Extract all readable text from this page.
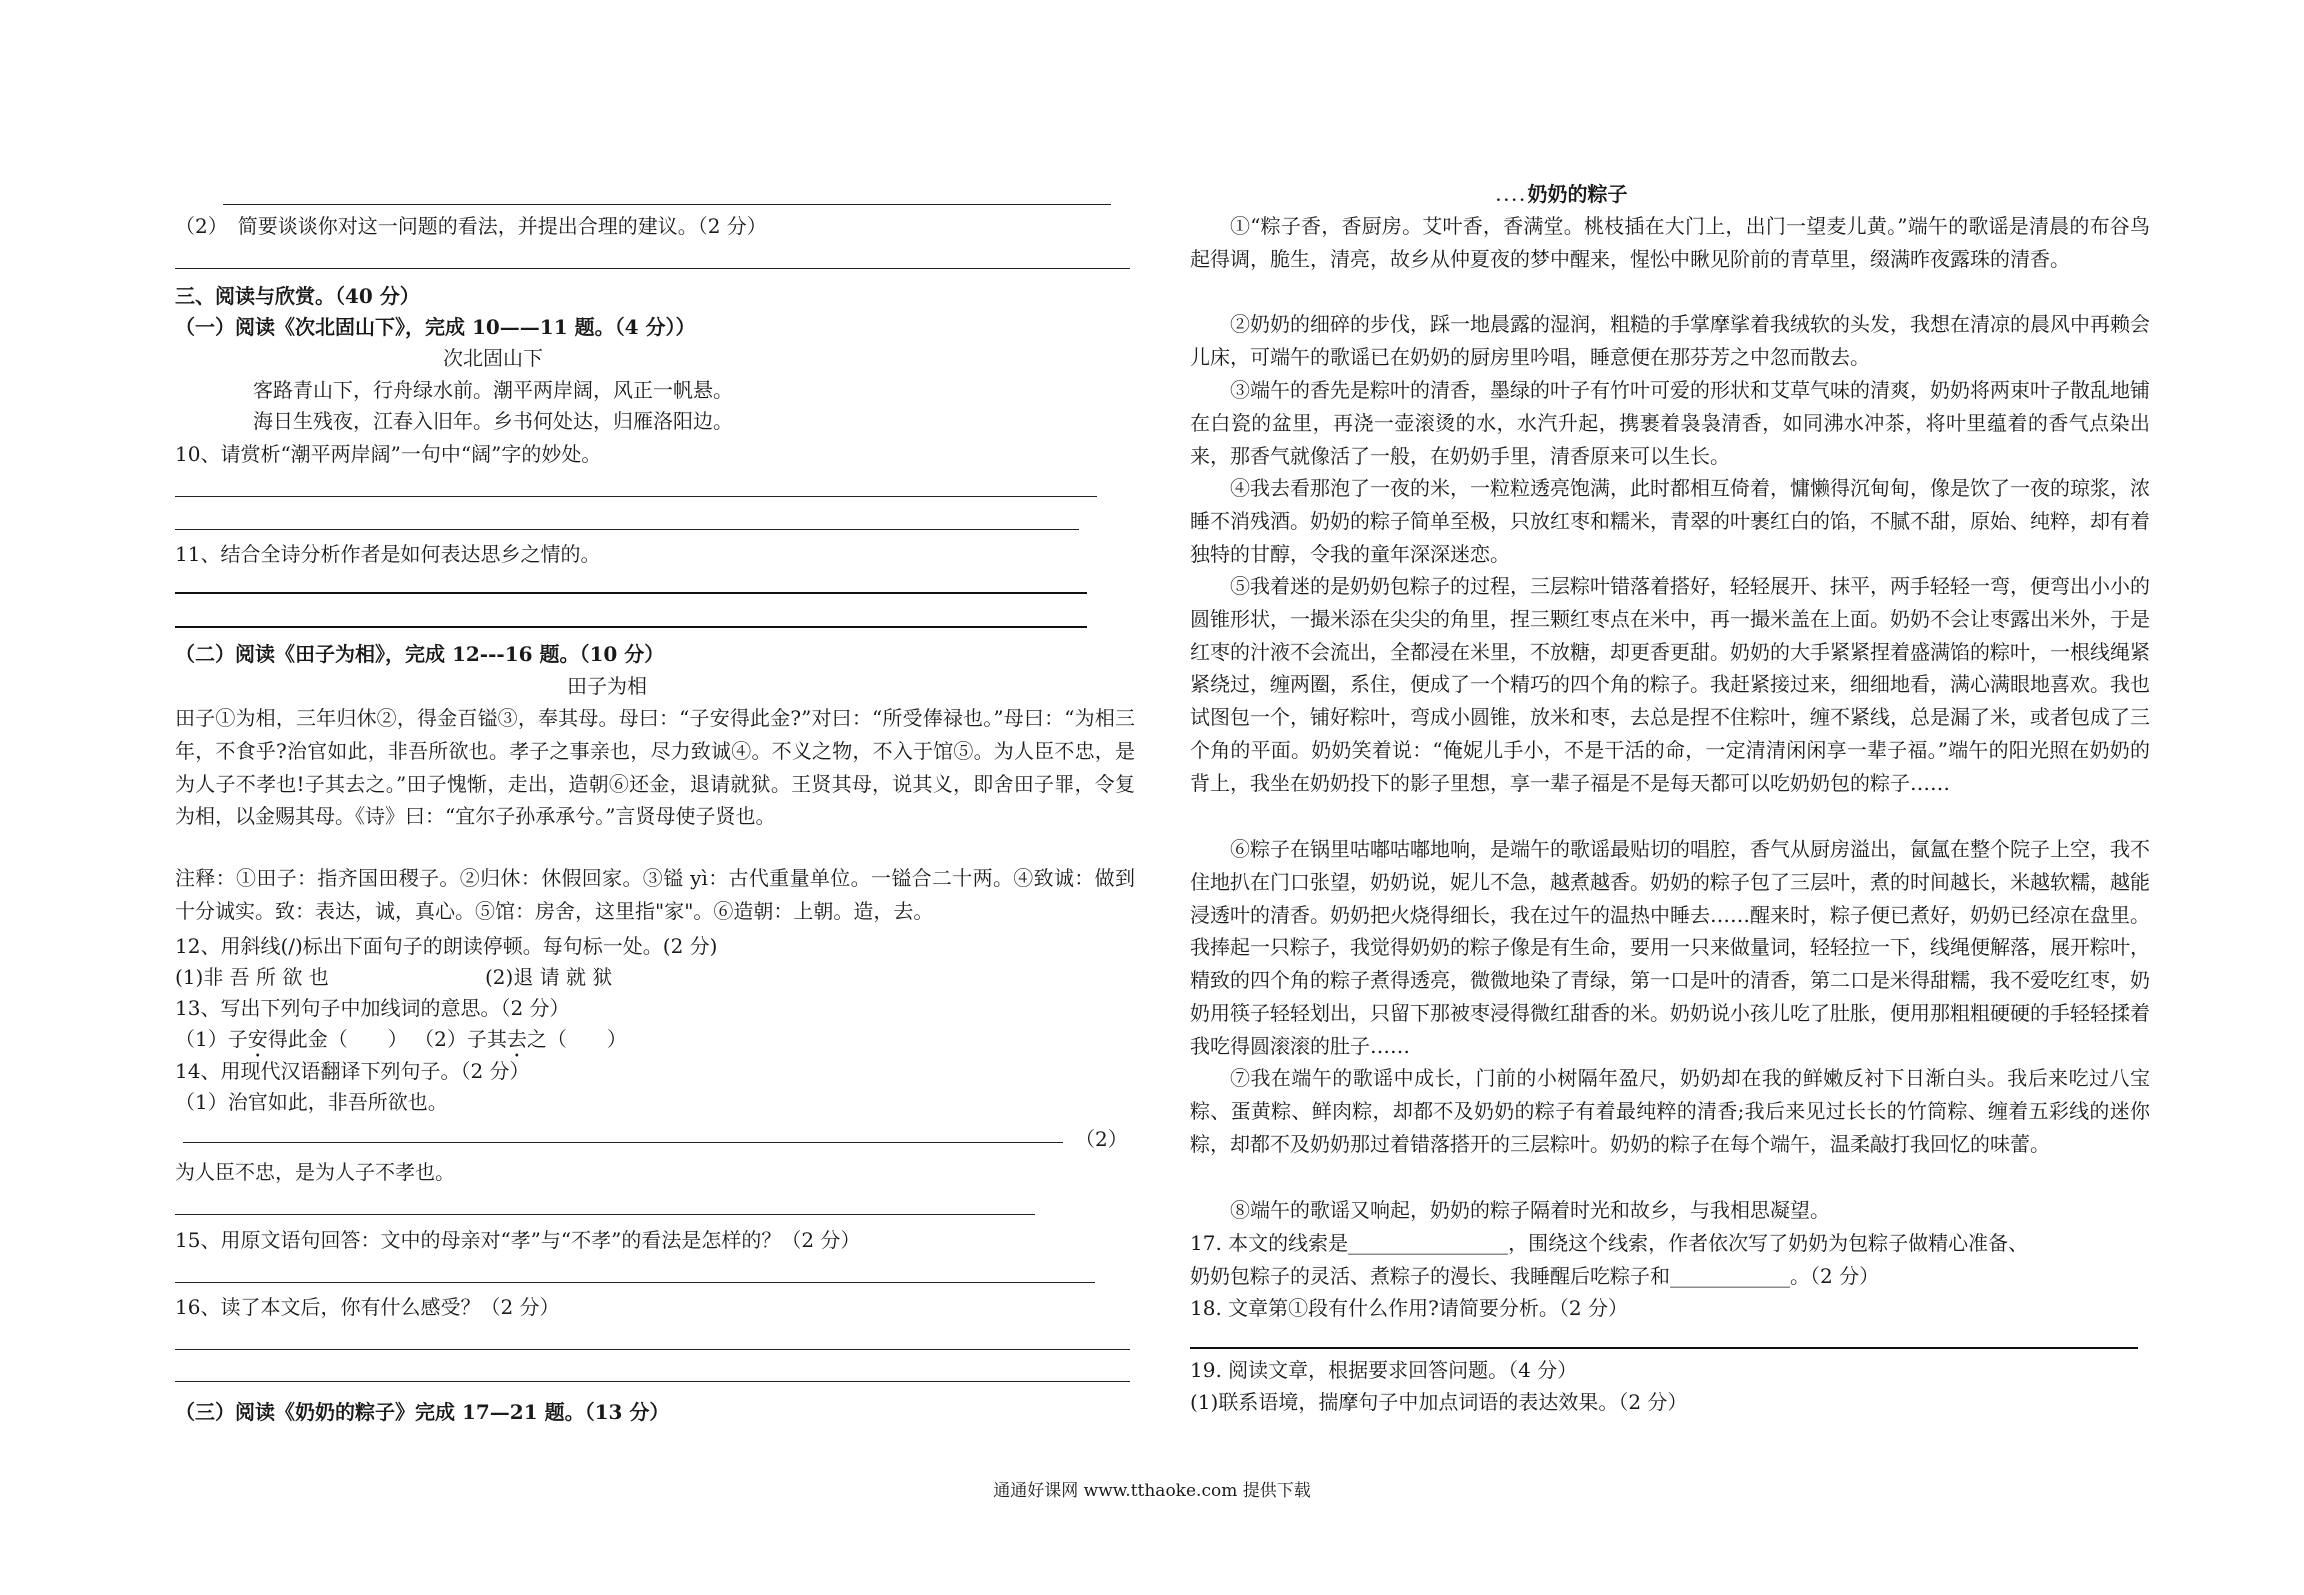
（2）　简要谈谈你对这一问题的看法，并提出合理的建议。（2 分）
三、阅读与欣赏。（40 分）
（一）阅读《次北固山下》，完成 10——11 题。（4 分））
次北固山下
客路青山下，行舟绿水前。潮平两岸阔，风正一帆悬。
海日生残夜，江春入旧年。乡书何处达，归雁洛阳边。
10、请赏析“潮平两岸阔”一句中“阔”字的妙处。
11、结合全诗分析作者是如何表达思乡之情的。
（二）阅读《田子为相》，完成 12---16 题。（10 分）
田子为相
田子①为相，三年归休②，得金百镒③，奉其母。母曰：“子安得此金?”对曰：“所受俸禄也。”母曰：“为相三年，不食乎?治官如此，非吾所欲也。孝子之事亲也，尽力致诚④。不义之物，不入于馆⑤。为人臣不忠，是为人子不孝也!子其去之。”田子愧惭，走出，造朝⑥还金，退请就狱。王贤其母，说其义，即舍田子罪，令复为相，以金赐其母。《诗》曰：“宜尔子孙承承兮。”言贤母使子贤也。
注释：①田子：指齐国田稷子。②归休：休假回家。③镒 yì：古代重量单位。一镒合二十两。④致诚：做到十分诚实。致：表达，诚，真心。⑤馆：房舍，这里指"家"。⑥造朝：上朝。造，去。
12、用斜线(/)标出下面句子的朗读停顿。每句标一处。(2 分)
(1)非 吾 所 欲 也	(2)退 请 就 狱
13、写出下列句子中加线词的意思。（2 分）
（1）子安得此金（　　） （2）子其去之（　　）
14、用现代汉语翻译下列句子。（2 分）
（1）治官如此，非吾所欲也。
（2）
为人臣不忠，是为人子不孝也。
15、用原文语句回答：文中的母亲对“孝”与“不孝”的看法是怎样的？（2 分）
16、读了本文后，你有什么感受？（2 分）
（三）阅读《奶奶的粽子》完成 17—21 题。（13 分）
....奶奶的粽子
①“粽子香，香厨房。艾叶香，香满堂。桃枝插在大门上，出门一望麦儿黄。”端午的歌谣是清晨的布谷鸟起得调，脆生，清亮，故乡从仲夏夜的梦中醒来，惺忪中瞅见阶前的青草里，缀满昨夜露珠的清香。
②奶奶的细碎的步伐，踩一地晨露的湿润，粗糙的手掌摩挲着我绒软的头发，我想在清凉的晨风中再赖会儿床，可端午的歌谣已在奶奶的厨房里吟唱，睡意便在那芬芳之中忽而散去。
③端午的香先是粽叶的清香，墨绿的叶子有竹叶可爱的形状和艾草气味的清爽，奶奶将两束叶子散乱地铺在白瓷的盆里，再浇一壶滚烫的水，水汽升起，携裹着袅袅清香，如同沸水冲茶，将叶里蕴着的香气点染出来，那香气就像活了一般，在奶奶手里，清香原来可以生长。
④我去看那泡了一夜的米，一粒粒透亮饱满，此时都相互倚着，慵懒得沉甸甸，像是饮了一夜的琼浆，浓睡不消残酒。奶奶的粽子简单至极，只放红枣和糯米，青翠的叶裹红白的馅，不腻不甜，原始、纯粹，却有着独特的甘醇，令我的童年深深迷恋。
⑤我着迷的是奶奶包粽子的过程，三层粽叶错落着搭好，轻轻展开、抹平，两手轻轻一弯，便弯出小小的圆锥形状，一撮米添在尖尖的角里，捏三颗红枣点在米中，再一撮米盖在上面。奶奶不会让枣露出米外，于是红枣的汁液不会流出，全都浸在米里，不放糖，却更香更甜。奶奶的大手紧紧捏着盛满馅的粽叶，一根线绳紧紧绕过，缠两圈，系住，便成了一个精巧的四个角的粽子。我赶紧接过来，细细地看，满心满眼地喜欢。我也试图包一个，铺好粽叶，弯成小圆锥，放米和枣，去总是捏不住粽叶，缠不紧线，总是漏了米，或者包成了三个角的平面。奶奶笑着说：“俺妮儿手小，不是干活的命，一定清清闲闲享一辈子福。”端午的阳光照在奶奶的背上，我坐在奶奶投下的影子里想，享一辈子福是不是每天都可以吃奶奶包的粽子……
⑥粽子在锅里咕嘟咕嘟地响，是端午的歌谣最贴切的唱腔，香气从厨房溢出，氤氲在整个院子上空，我不住地扒在门口张望，奶奶说，妮儿不急，越煮越香。奶奶的粽子包了三层叶，煮的时间越长，米越软糯，越能浸透叶的清香。奶奶把火烧得细长，我在过午的温热中睡去……醒来时，粽子便已煮好，奶奶已经凉在盘里。我捧起一只粽子，我觉得奶奶的粽子像是有生命，要用一只来做量词，轻轻拉一下，线绳便解落，展开粽叶，精致的四个角的粽子煮得透亮，微微地染了青绿，第一口是叶的清香，第二口是米得甜糯，我不爱吃红枣，奶奶用筷子轻轻划出，只留下那被枣浸得微红甜香的米。奶奶说小孩儿吃了肚胀，便用那粗粗硬硬的手轻轻揉着我吃得圆滚滚的肚子……
⑦我在端午的歌谣中成长，门前的小树隔年盈尺，奶奶却在我的鲜嫩反衬下日渐白头。我后来吃过八宝粽、蛋黄粽、鲜肉粽，却都不及奶奶的粽子有着最纯粹的清香;我后来见过长长的竹筒粽、缠着五彩线的迷你粽，却都不及奶奶那过着错落搭开的三层粽叶。奶奶的粽子在每个端午，温柔敲打我回忆的味蕾。
⑧端午的歌谣又响起，奶奶的粽子隔着时光和故乡，与我相思凝望。
17. 本文的线索是________________，围绕这个线索，作者依次写了奶奶为包粽子做精心准备、
奶奶包粽子的灵活、煮粽子的漫长、我睡醒后吃粽子和____________。（2 分）
18. 文章第①段有什么作用?请简要分析。（2 分）
19. 阅读文章，根据要求回答问题。（4 分）
(1)联系语境，揣摩句子中加点词语的表达效果。（2 分）
通通好课网 www.tthaoke.com 提供下载
